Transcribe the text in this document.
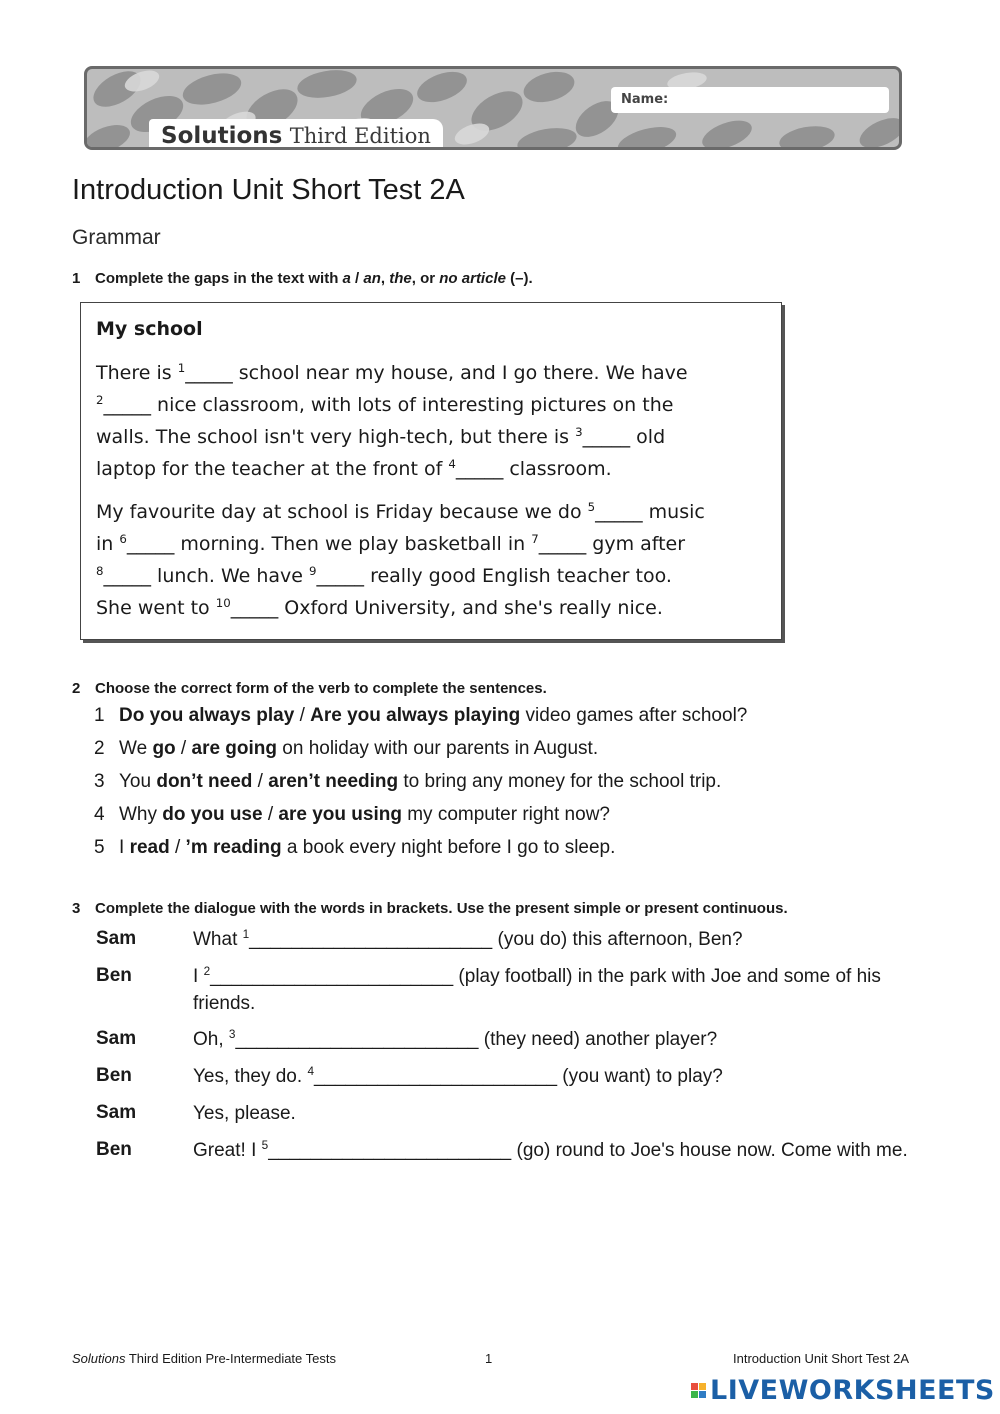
Name:
Solutions Third Edition
Introduction Unit Short Test 2A
Grammar
1 Complete the gaps in the text with a / an, the, or no article (–).
My school
There is $^1$_____ school near my house, and I go there. We have
$^2$_____ nice classroom, with lots of interesting pictures on the
walls. The school isn't very high-tech, but there is $^3$_____ old
laptop for the teacher at the front of $^4$_____ classroom.
My favourite day at school is Friday because we do $^5$_____ music
in $^6$_____ morning. Then we play basketball in $^7$_____ gym after
$^8$_____ lunch. We have $^9$_____ really good English teacher too.
She went to $^{10}$_____ Oxford University, and she's really nice.
2 Choose the correct form of the verb to complete the sentences.
1 Do you always play / Are you always playing video games after school?
2 We go / are going on holiday with our parents in August.
3 You don’t need / aren’t needing to bring any money for the school trip.
4 Why do you use / are you using my computer right now?
5 I read / ’m reading a book every night before I go to sleep.
3 Complete the dialogue with the words in brackets. Use the present simple or present continuous.
Sam	What $^1$_______________________ (you do) this afternoon, Ben?
Ben	I $^2$_______________________ (play football) in the park with Joe and some of his friends.
Sam	Oh, $^3$_______________________ (they need) another player?
Ben	Yes, they do. $^4$_______________________ (you want) to play?
Sam	Yes, please.
Ben	Great! I $^5$_______________________ (go) round to Joe's house now. Come with me.
Solutions Third Edition Pre-Intermediate Tests	1	Introduction Unit Short Test 2A
LIVEWORKSHEETS
